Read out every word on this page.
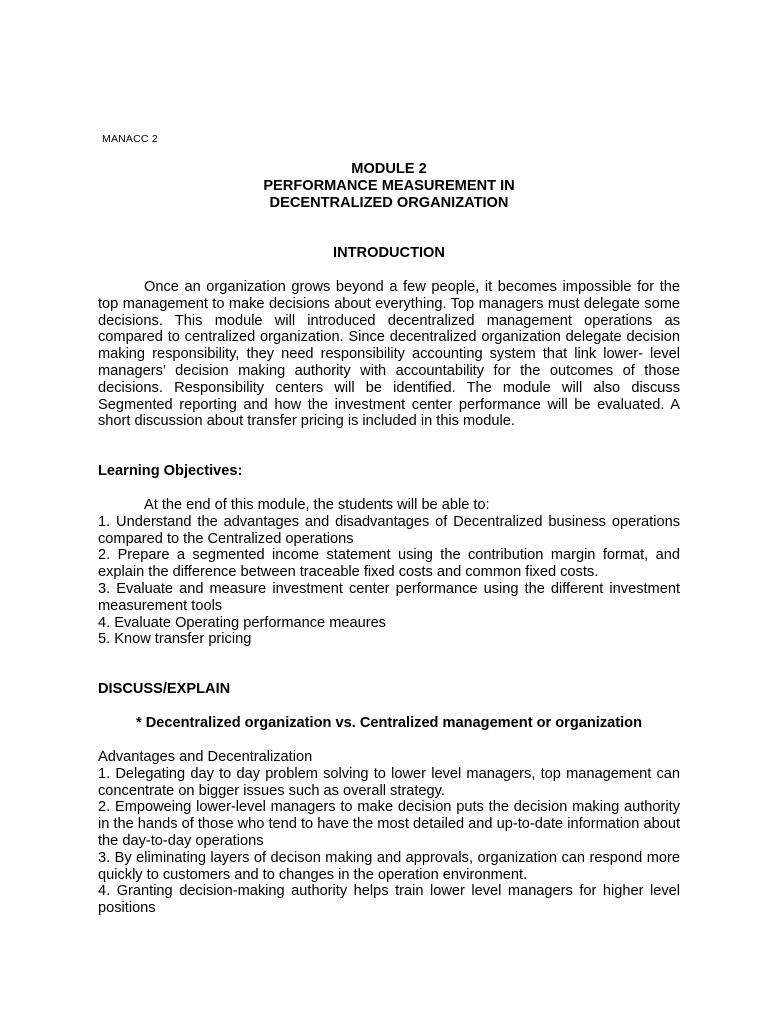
MANACC 2
MODULE 2
PERFORMANCE MEASUREMENT IN
DECENTRALIZED ORGANIZATION
INTRODUCTION

Once an organization grows beyond a few people, it becomes impossible for the top management to make decisions about everything. Top managers must delegate some decisions. This module will introduced decentralized management operations as compared to centralized organization. Since decentralized organization delegate decision making responsibility, they need responsibility accounting system that link lower- level managers’ decision making authority with accountability for the outcomes of those decisions. Responsibility centers will be identified. The module will also discuss Segmented reporting and how the investment center performance will be evaluated. A short discussion about transfer pricing is included in this module.

Learning Objectives:

At the end of this module, the students will be able to:

1. Understand the advantages and disadvantages of Decentralized business operations compared to the Centralized operations

2. Prepare a segmented income statement using the contribution margin format, and explain the difference between traceable fixed costs and common fixed costs.

3. Evaluate and measure investment center performance using the different investment measurement tools

4. Evaluate Operating performance meaures

5. Know transfer pricing

DISCUSS/EXPLAIN
* Decentralized organization vs. Centralized management or organization

Advantages and Decentralization

1. Delegating day to day problem solving to lower level managers, top management can concentrate on bigger issues such as overall strategy.

2. Empoweing lower-level managers to make decision puts the decision making authority in the hands of those who tend to have the most detailed and up-to-date information about the day-to-day operations

3. By eliminating layers of decison making and approvals, organization can respond more quickly to customers and to changes in the operation environment.

4. Granting decision-making authority helps train lower level managers for higher level positions
